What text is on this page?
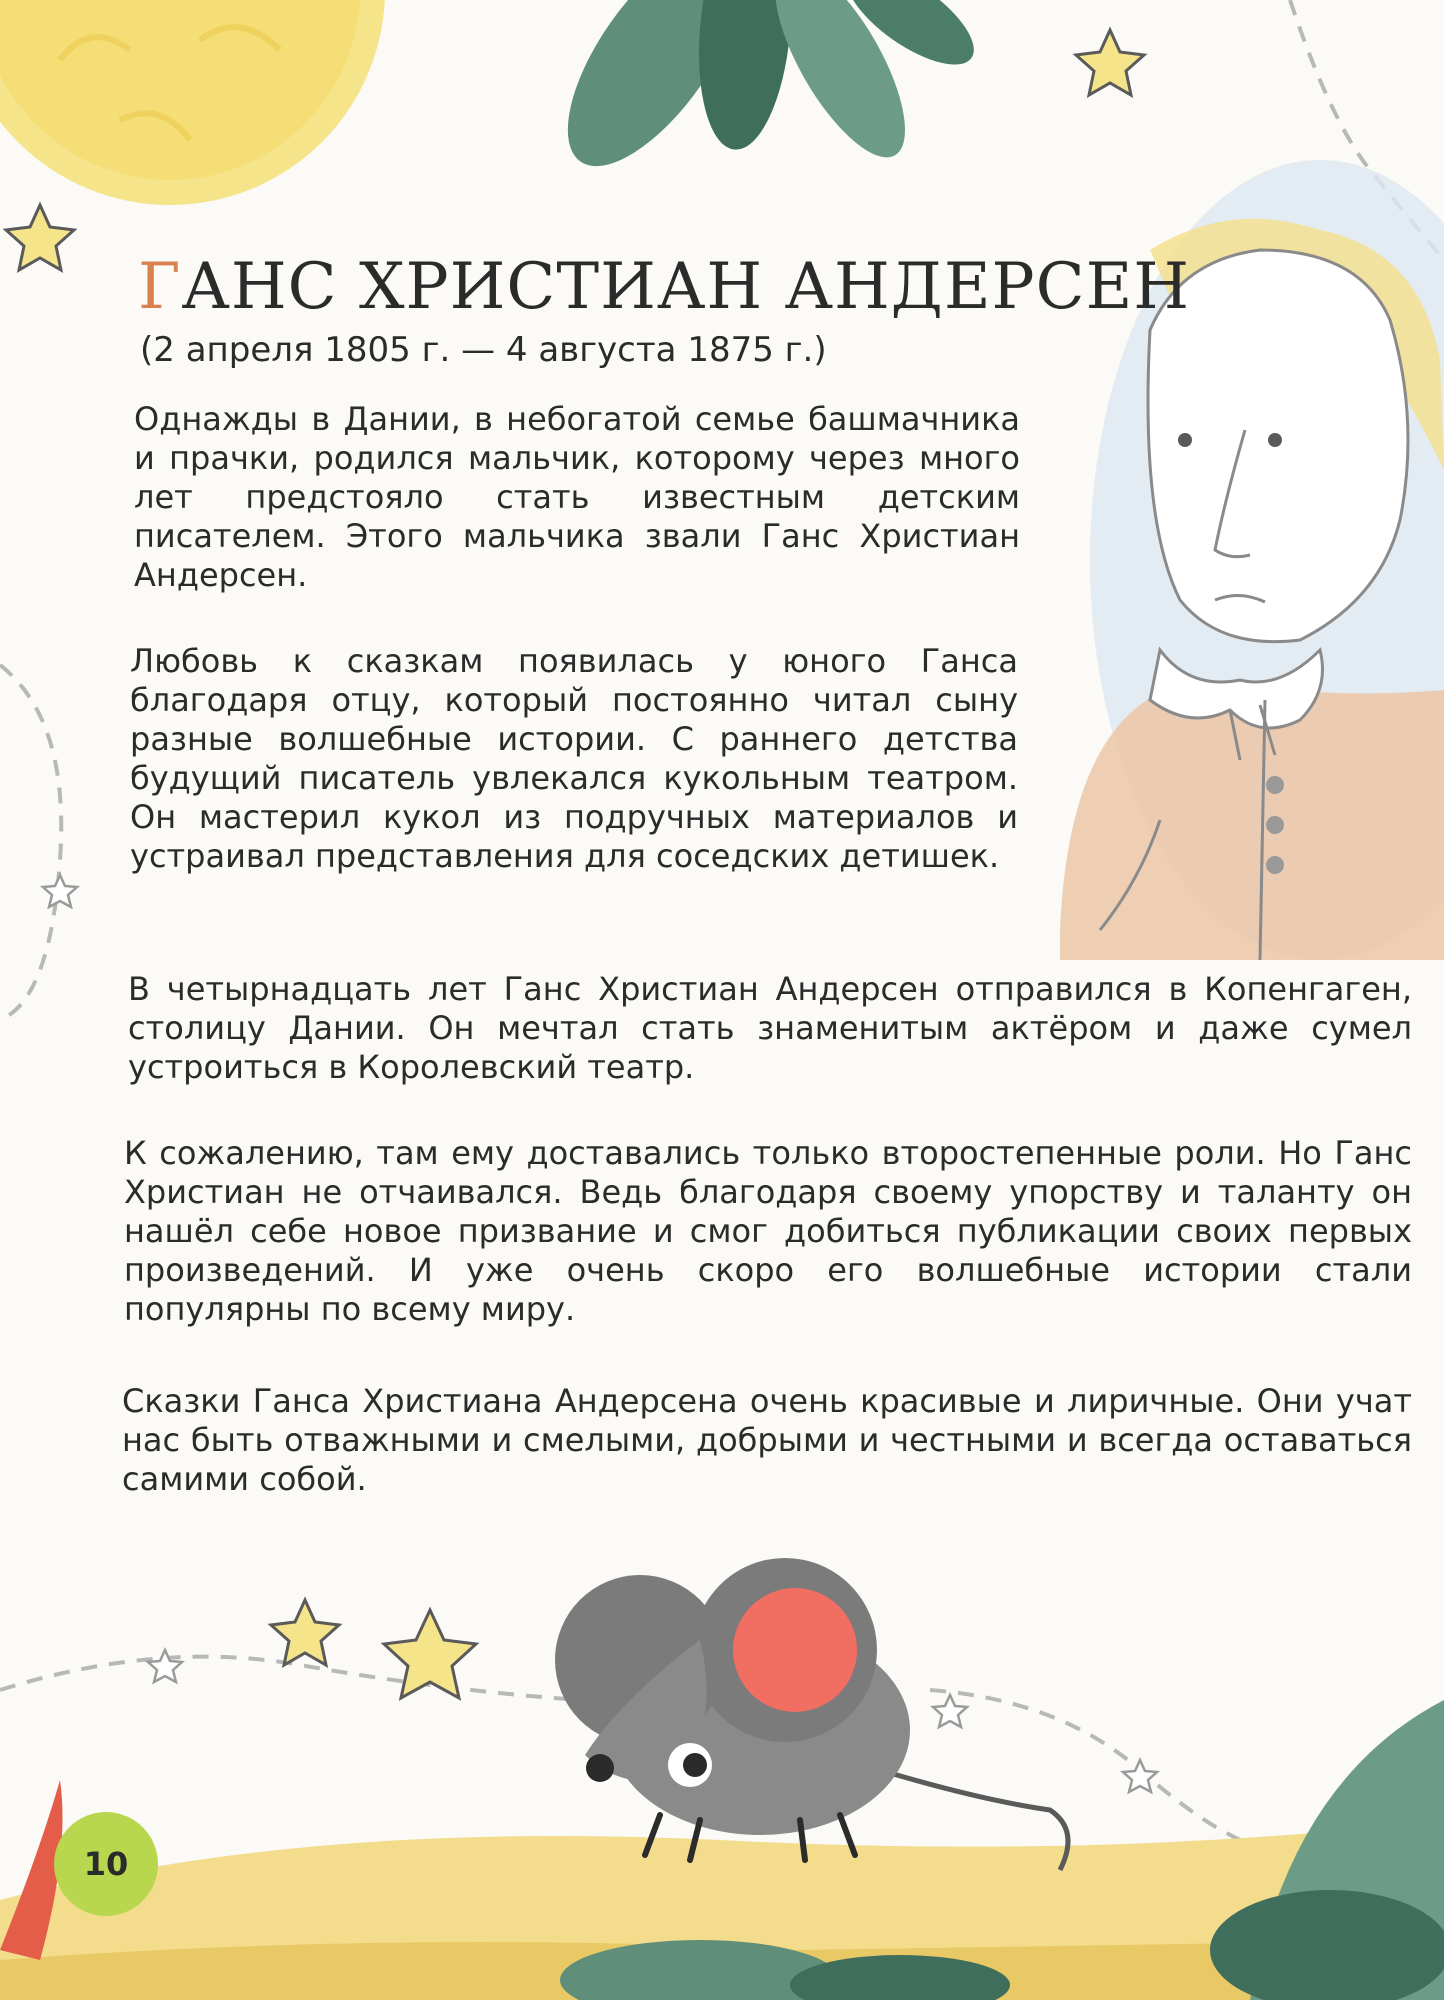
ГАНС ХРИСТИАН АНДЕРСЕН

(2 апреля 1805 г. — 4 августа 1875 г.)

Однажды в Дании, в небогатой семье башмачника и прачки, родился мальчик, которому через много лет предстояло стать известным детским писателем. Этого мальчика звали Ганс Христиан Андерсен.

Любовь к сказкам появилась у юного Ганса благодаря отцу, который постоянно читал сыну разные волшебные истории. С раннего детства будущий писатель увлекался кукольным театром. Он мастерил кукол из подручных материалов и устраивал представления для соседских детишек.

В четырнадцать лет Ганс Христиан Андерсен отправился в Копенгаген, столицу Дании. Он мечтал стать знаменитым актёром и даже сумел устроиться в Королевский театр.

К сожалению, там ему доставались только второстепенные роли. Но Ганс Христиан не отчаивался. Ведь благодаря своему упорству и таланту он нашёл себе новое призвание и смог добиться публикации своих первых произведений. И уже очень скоро его волшебные истории стали популярны по всему миру.

Сказки Ганса Христиана Андерсена очень красивые и лиричные. Они учат нас быть отважными и смелыми, добрыми и честными и всегда оставаться самими собой.

10
